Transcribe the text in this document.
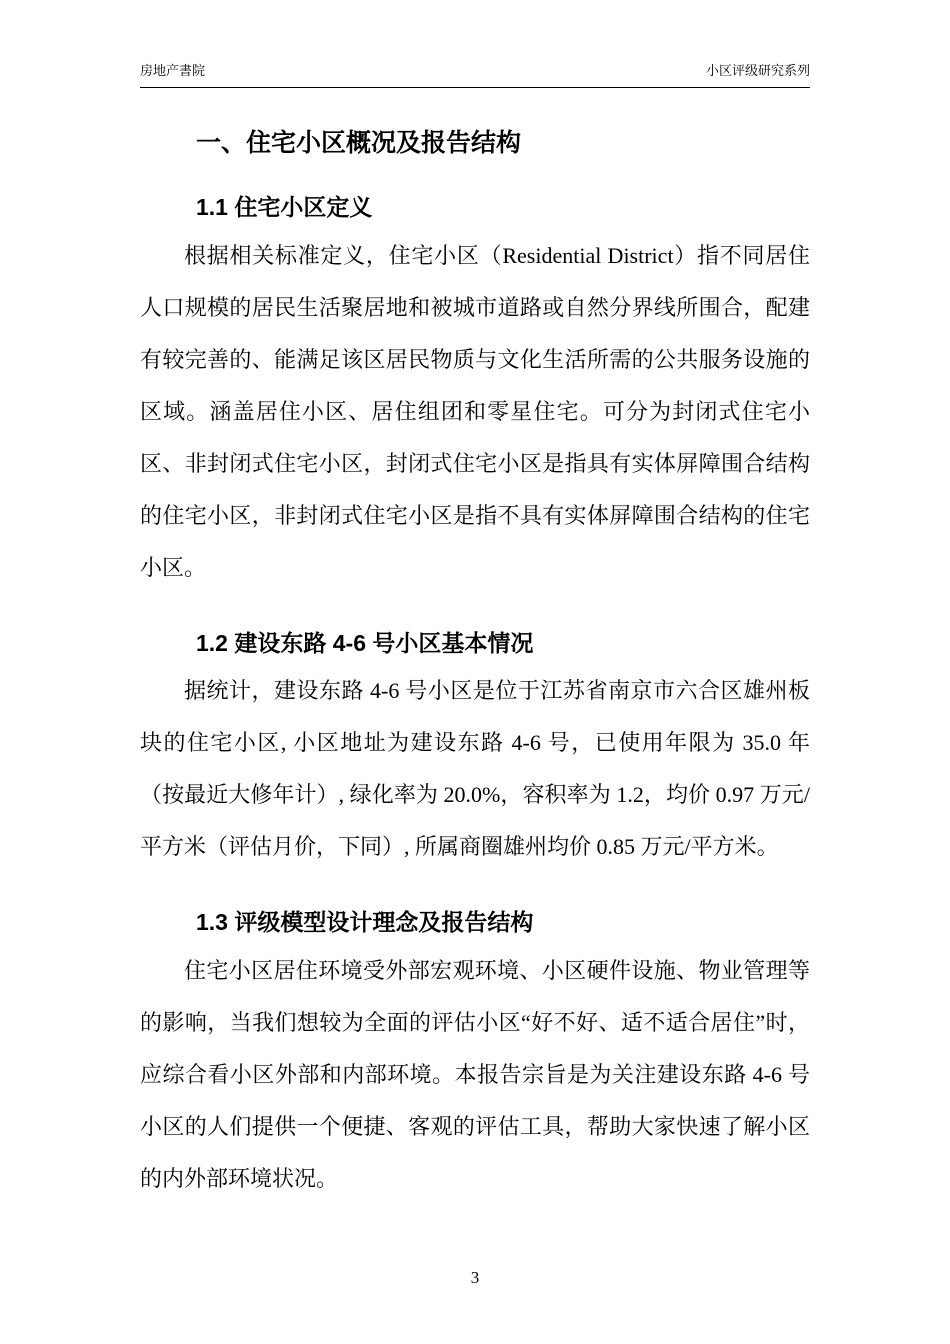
房地产書院	小区评级研究系列
一、住宅小区概况及报告结构
1.1 住宅小区定义

根据相关标准定义，住宅小区（Residential District）指不同居住人口规模的居民生活聚居地和被城市道路或自然分界线所围合，配建有较完善的、能满足该区居民物质与文化生活所需的公共服务设施的区域。涵盖居住小区、居住组团和零星住宅。可分为封闭式住宅小区、非封闭式住宅小区，封闭式住宅小区是指具有实体屏障围合结构的住宅小区，非封闭式住宅小区是指不具有实体屏障围合结构的住宅小区。

1.2 建设东路 4-6 号小区基本情况

据统计，建设东路 4-6 号小区是位于江苏省南京市六合区雄州板块的住宅小区, 小区地址为建设东路 4-6 号，已使用年限为 35.0 年（按最近大修年计）, 绿化率为 20.0%，容积率为 1.2，均价 0.97 万元/平方米（评估月价，下同）, 所属商圈雄州均价 0.85 万元/平方米。

1.3 评级模型设计理念及报告结构

住宅小区居住环境受外部宏观环境、小区硬件设施、物业管理等的影响，当我们想较为全面的评估小区“好不好、适不适合居住”时，应综合看小区外部和内部环境。本报告宗旨是为关注建设东路 4-6 号小区的人们提供一个便捷、客观的评估工具，帮助大家快速了解小区的内外部环境状况。

3
